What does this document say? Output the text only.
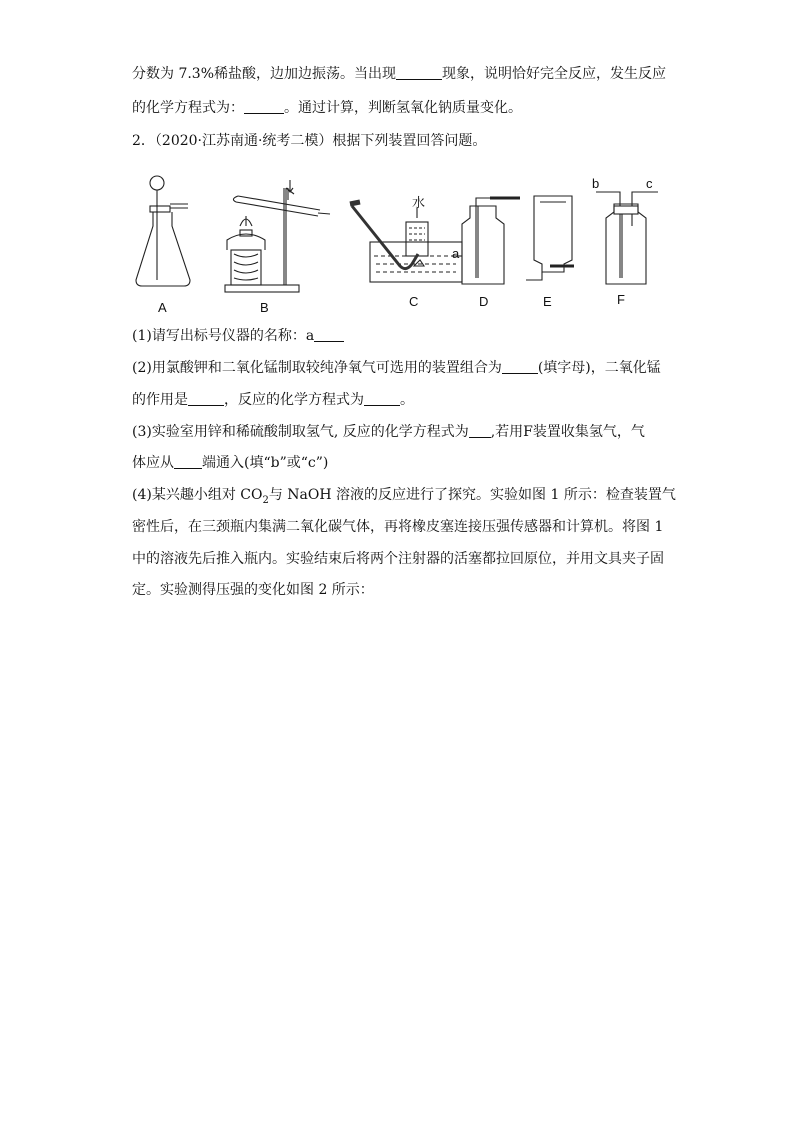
分数为 7.3%稀盐酸，边加边振荡。当出现	现象，说明恰好完全反应，发生反应
的化学方程式为：	。通过计算，判断氢氧化钠质量变化。
2．（2020·江苏南通·统考二模）根据下列装置回答问题。
A	B	C	D	E	F
水
a
b	c
(1)请写出标号仪器的名称：a
(2)用氯酸钾和二氧化锰制取较纯净氧气可选用的装置组合为	(填字母)，二氧化锰
的作用是	，反应的化学方程式为	。
(3)实验室用锌和稀硫酸制取氢气, 反应的化学方程式为 ,若用F装置收集氢气，气
体应从 端通入(填“b”或“c”)
(4)某兴趣小组对 $CO_2$与 NaOH 溶液的反应进行了探究。实验如图 1 所示：检查装置气
密性后，在三颈瓶内集满二氧化碳气体，再将橡皮塞连接压强传感器和计算机。将图 1
中的溶液先后推入瓶内。实验结束后将两个注射器的活塞都拉回原位，并用文具夹子固
定。实验测得压强的变化如图 2 所示：
